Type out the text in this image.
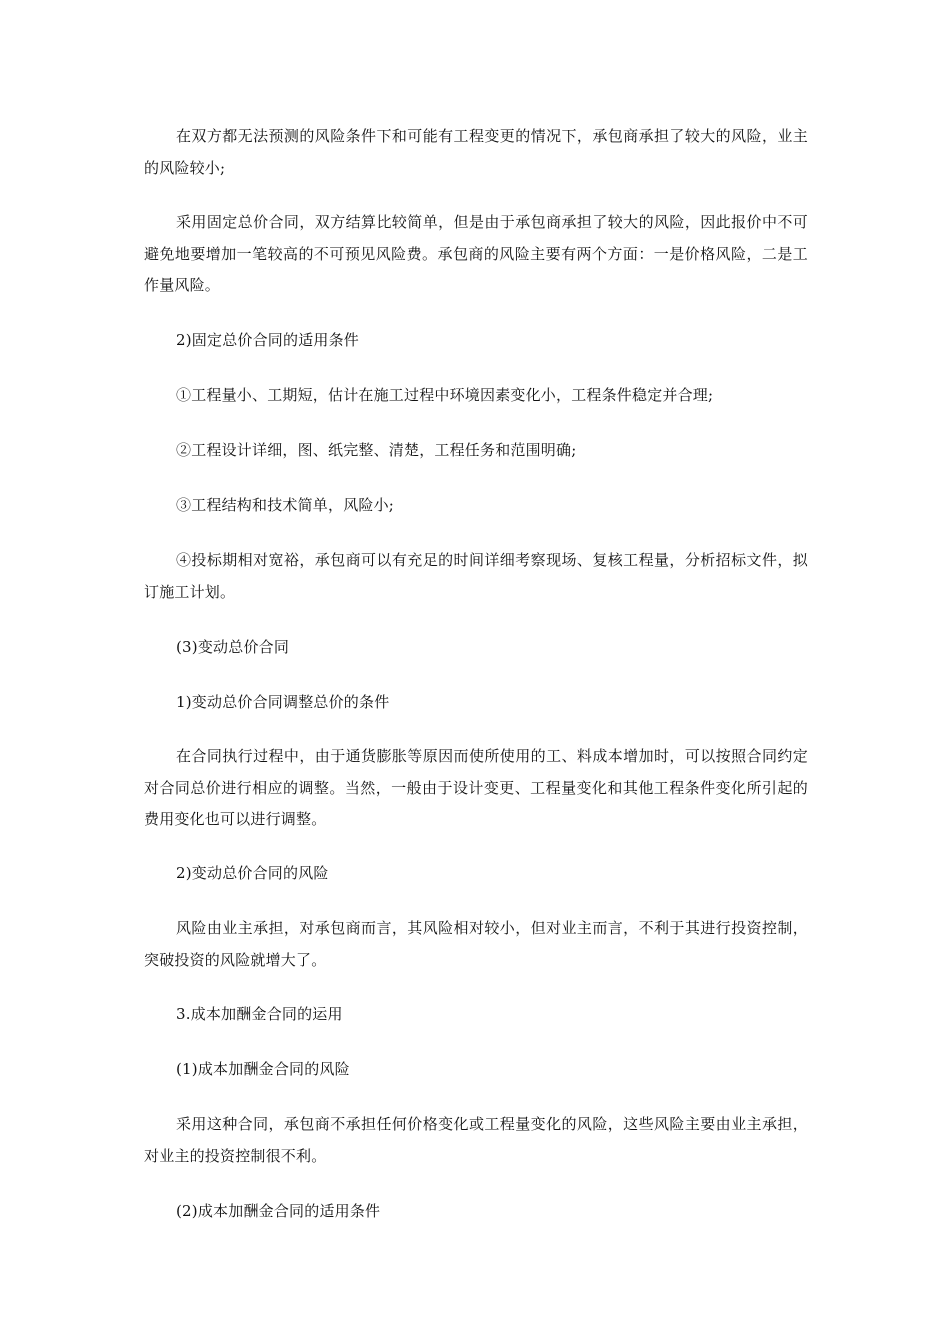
在双方都无法预测的风险条件下和可能有工程变更的情况下，承包商承担了较大的风险，业主的风险较小;

采用固定总价合同，双方结算比较简单，但是由于承包商承担了较大的风险，因此报价中不可避免地要增加一笔较高的不可预见风险费。承包商的风险主要有两个方面：一是价格风险，二是工作量风险。

2)固定总价合同的适用条件

①工程量小、工期短，估计在施工过程中环境因素变化小，工程条件稳定并合理;

②工程设计详细，图、纸完整、清楚，工程任务和范围明确;

③工程结构和技术简单，风险小;

④投标期相对宽裕，承包商可以有充足的时间详细考察现场、复核工程量，分析招标文件，拟订施工计划。

(3)变动总价合同

1)变动总价合同调整总价的条件

在合同执行过程中，由于通货膨胀等原因而使所使用的工、料成本增加时，可以按照合同约定对合同总价进行相应的调整。当然，一般由于设计变更、工程量变化和其他工程条件变化所引起的费用变化也可以进行调整。

2)变动总价合同的风险

风险由业主承担，对承包商而言，其风险相对较小，但对业主而言，不利于其进行投资控制，突破投资的风险就增大了。

3.成本加酬金合同的运用

(1)成本加酬金合同的风险

采用这种合同，承包商不承担任何价格变化或工程量变化的风险，这些风险主要由业主承担，对业主的投资控制很不利。

(2)成本加酬金合同的适用条件
